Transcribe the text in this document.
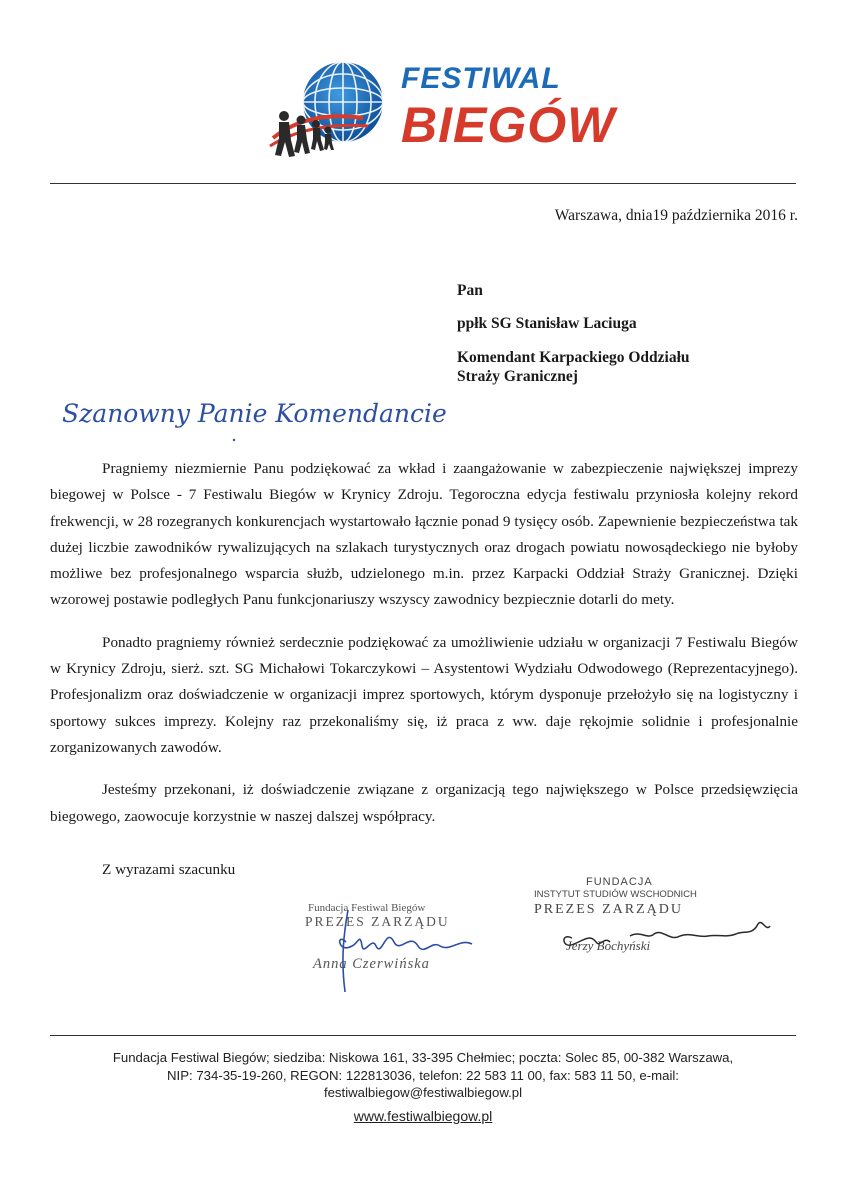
FESTIWAL
BIEGÓW
Warszawa, dnia19 października 2016 r.
Pan
ppłk SG Stanisław Laciuga
Komendant Karpackiego Oddziału
Straży Granicznej
Szanowny Panie Komendancie

Pragniemy niezmiernie Panu podziękować za wkład i zaangażowanie w zabezpieczenie największej imprezy biegowej w Polsce - 7 Festiwalu Biegów w Krynicy Zdroju. Tegoroczna edycja festiwalu przyniosła kolejny rekord frekwencji, w 28 rozegranych konkurencjach wystartowało łącznie ponad 9 tysięcy osób. Zapewnienie bezpieczeństwa tak dużej liczbie zawodników rywalizujących na szlakach turystycznych oraz drogach powiatu nowosądeckiego nie byłoby możliwe bez profesjonalnego wsparcia służb, udzielonego m.in. przez Karpacki Oddział Straży Granicznej. Dzięki wzorowej postawie podległych Panu funkcjonariuszy wszyscy zawodnicy bezpiecznie dotarli do mety.

Ponadto pragniemy również serdecznie podziękować za umożliwienie udziału w organizacji 7 Festiwalu Biegów w Krynicy Zdroju, sierż. szt. SG Michałowi Tokarczykowi – Asystentowi Wydziału Odwodowego (Reprezentacyjnego). Profesjonalizm oraz doświadczenie w organizacji imprez sportowych, którym dysponuje przełożyło się na logistyczny i sportowy sukces imprezy. Kolejny raz przekonaliśmy się, iż praca z ww. daje rękojmie solidnie i profesjonalnie zorganizowanych zawodów.

Jesteśmy przekonani, iż doświadczenie związane z organizacją tego największego w Polsce przedsięwzięcia biegowego, zaowocuje korzystnie w naszej dalszej współpracy.

Z wyrazami szacunku
Fundacja Festiwal Biegów
PREZES ZARZĄDU
Anna Czerwińska
FUNDACJA
INSTYTUT STUDIÓW WSCHODNICH
PREZES ZARZĄDU
Jerzy Bochyński
Fundacja Festiwal Biegów; siedziba: Niskowa 161, 33-395 Chełmiec; poczta: Solec 85, 00-382 Warszawa,
NIP: 734-35-19-260, REGON: 122813036, telefon: 22 583 11 00, fax: 583 11 50, e-mail:
festiwalbiegow@festiwalbiegow.pl
www.festiwalbiegow.pl
